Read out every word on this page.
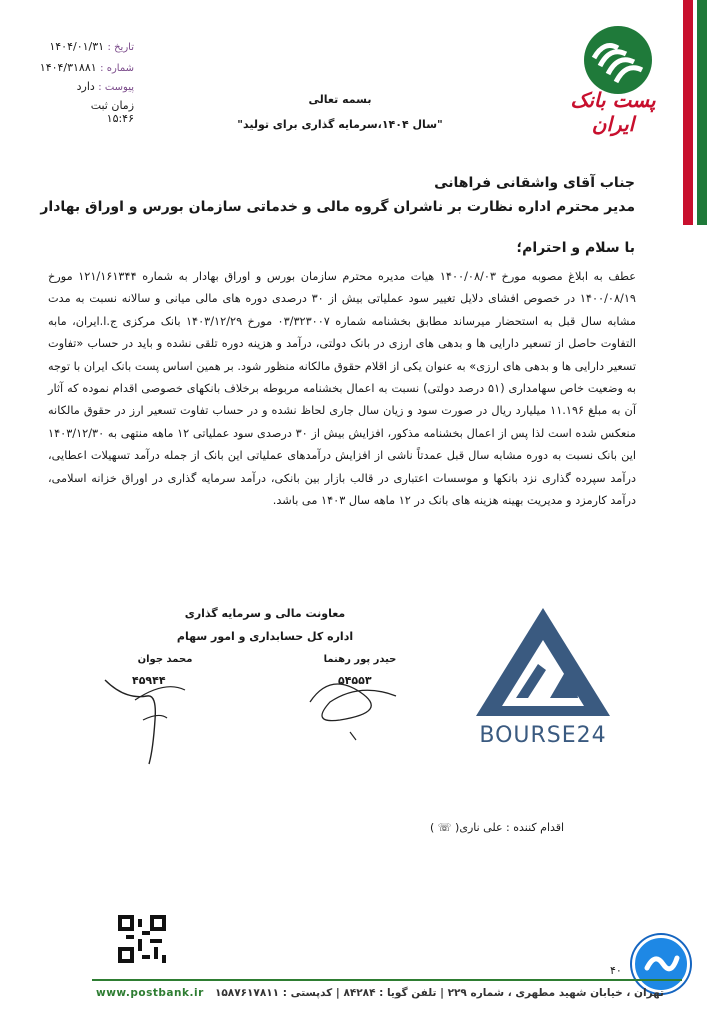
پست بانک ایران
تاریخ : ۱۴۰۴/۰۱/۳۱
شماره : ۱۴۰۴/۳۱۸۸۱
پیوست : دارد
زمان ثبت ۱۵:۴۶
بسمه تعالی
"سال ۱۴۰۴،سرمایه گذاری برای تولید"
جناب آقای واشقانی فراهانی
مدیر محترم اداره نظارت بر ناشران گروه مالی و خدماتی سازمان بورس و اوراق بهادار
با سلام و احترام؛

عطف به ابلاغ مصوبه مورخ ۱۴۰۰/۰۸/۰۳ هیات مدیره محترم سازمان بورس و اوراق بهادار به شماره ۱۲۱/۱۶۱۳۴۴ مورخ ۱۴۰۰/۰۸/۱۹ در خصوص افشای دلایل تغییر سود عملیاتی بیش از ۳۰ درصدی دوره های مالی میانی و سالانه نسبت به مدت مشابه سال قبل به استحضار میرساند مطابق بخشنامه شماره ۰۳/۳۲۳۰۰۷ مورخ ۱۴۰۳/۱۲/۲۹ بانک مرکزی ج.ا.ایران، مابه التفاوت حاصل از تسعیر دارایی ها و بدهی های ارزی در بانک دولتی، درآمد و هزینه دوره تلقی نشده و باید در حساب «تفاوت تسعیر دارایی ها و بدهی های ارزی» به عنوان یکی از اقلام حقوق مالکانه منظور شود. بر همین اساس پست بانک ایران با توجه به وضعیت خاص سهامداری (۵۱ درصد دولتی) نسبت به اعمال بخشنامه مربوطه برخلاف بانکهای خصوصی اقدام نموده که آثار آن به مبلغ ۱۱.۱۹۶ میلیارد ریال در صورت سود و زیان سال جاری لحاظ نشده و در حساب تفاوت تسعیر ارز در حقوق مالکانه منعکس شده است لذا پس از اعمال بخشنامه مذکور، افزایش بیش از ۳۰ درصدی سود عملیاتی ۱۲ ماهه منتهی به ۱۴۰۳/۱۲/۳۰ این بانک نسبت به دوره مشابه سال قبل عمدتاً ناشی از افزایش درآمدهای عملیاتی این بانک از جمله درآمد تسهیلات اعطایی، درآمد سپرده گذاری نزد بانکها و موسسات اعتباری در قالب بازار بین بانکی، درآمد سرمایه گذاری در اوراق خزانه اسلامی، درآمد کارمزد و مدیریت بهینه هزینه های بانک در ۱۲ ماهه سال ۱۴۰۳ می باشد.

BOURSE24
معاونت مالی و سرمایه گذاری
اداره کل حسابداری و امور سهام
محمد جوان	حیدر پور رهنما
۴۵۹۴۴	۵۴۵۵۳
اقدام کننده : علی ناری( ☏ )
۴۰
www.postbank.ir تهران ، خیابان شهید مطهری ، شماره ۲۲۹ | تلفن گویا : ۸۴۲۸۴ | کدپستی : ۱۵۸۷۶۱۷۸۱۱
